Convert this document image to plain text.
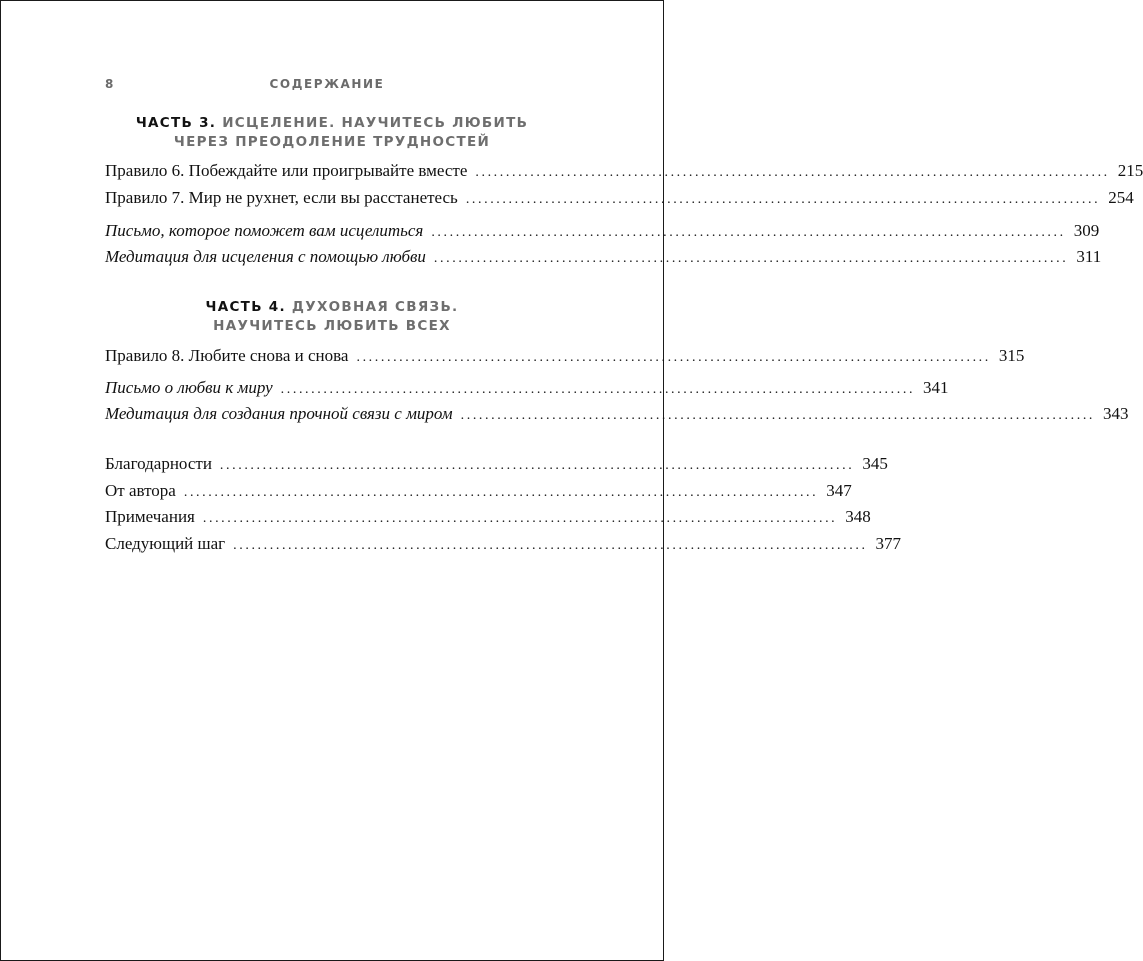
8	СОДЕРЖАНИЕ
ЧАСТЬ 3. ИСЦЕЛЕНИЕ. НАУЧИТЕСЬ ЛЮБИТЬ
ЧЕРЕЗ ПРЕОДОЛЕНИЕ ТРУДНОСТЕЙ
Правило 6. Побеждайте или проигрывайте вместе ........................................................................................................ 215
Правило 7. Мир не рухнет, если вы расстанетесь ........................................................................................................ 254
Письмо, которое поможет вам исцелиться ........................................................................................................ 309
Медитация для исцеления с помощью любви ........................................................................................................ 311
ЧАСТЬ 4. ДУХОВНАЯ СВЯЗЬ.
НАУЧИТЕСЬ ЛЮБИТЬ ВСЕХ
Правило 8. Любите снова и снова ........................................................................................................ 315
Письмо о любви к миру ........................................................................................................ 341
Медитация для создания прочной связи с миром ........................................................................................................ 343
Благодарности ........................................................................................................ 345
От автора ........................................................................................................ 347
Примечания ........................................................................................................ 348
Следующий шаг ........................................................................................................ 377
